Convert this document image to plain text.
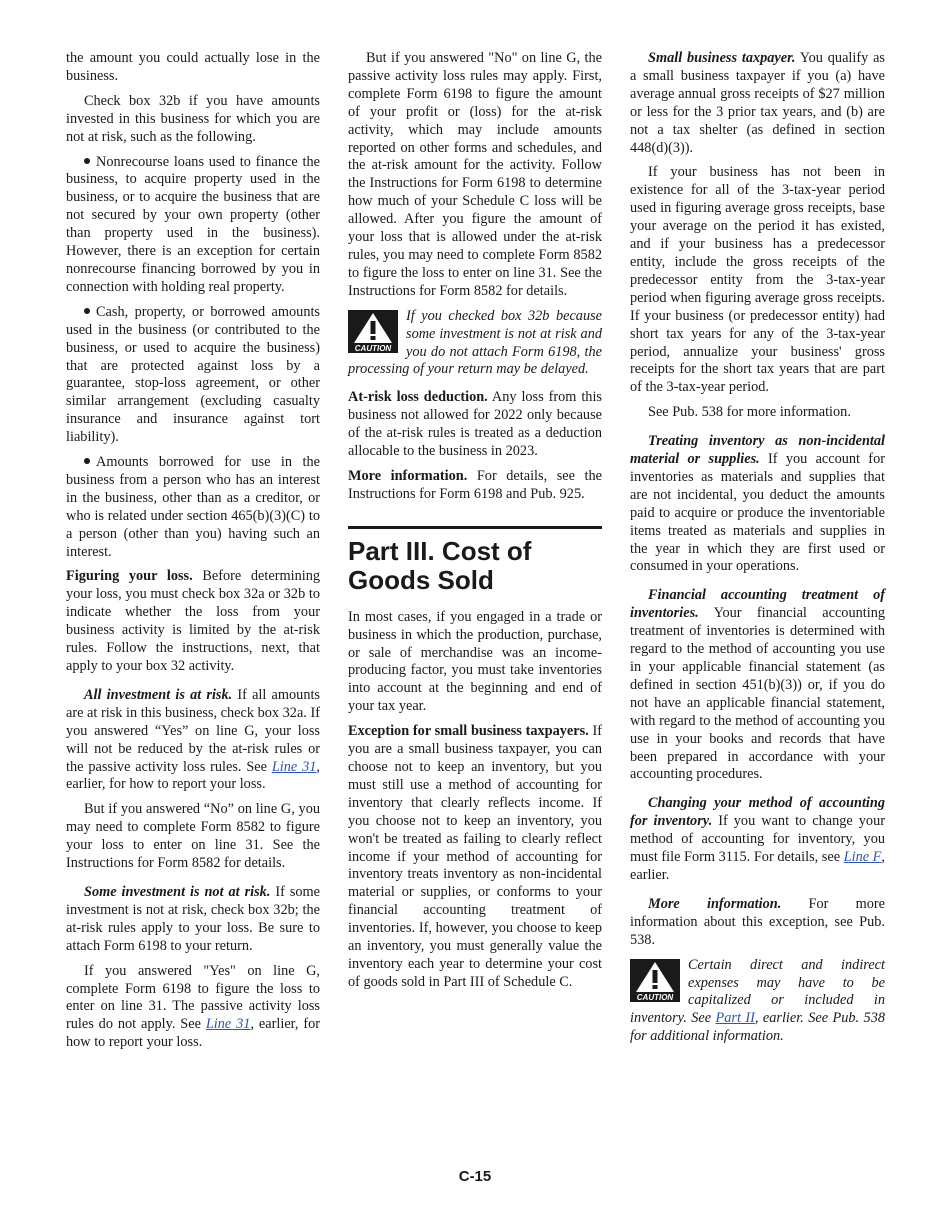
the amount you could actually lose in the business.

Check box 32b if you have amounts invested in this business for which you are not at risk, such as the following.

Nonrecourse loans used to finance the business, to acquire property used in the business, or to acquire the business that are not secured by your own property (other than property used in the business). However, there is an exception for certain nonrecourse financing borrowed by you in connection with holding real property.

Cash, property, or borrowed amounts used in the business (or contributed to the business, or used to acquire the business) that are protected against loss by a guarantee, stop-loss agreement, or other similar arrangement (excluding casualty insurance and insurance against tort liability).

Amounts borrowed for use in the business from a person who has an interest in the business, other than as a creditor, or who is related under section 465(b)(3)(C) to a person (other than you) having such an interest.

Figuring your loss. Before determining your loss, you must check box 32a or 32b to indicate whether the loss from your business activity is limited by the at-risk rules. Follow the instructions, next, that apply to your box 32 activity.

All investment is at risk. If all amounts are at risk in this business, check box 32a. If you answered “Yes” on line G, your loss will not be reduced by the at-risk rules or the passive activity loss rules. See Line 31, earlier, for how to report your loss.

But if you answered “No” on line G, you may need to complete Form 8582 to figure your loss to enter on line 31. See the Instructions for Form 8582 for details.

Some investment is not at risk. If some investment is not at risk, check box 32b; the at-risk rules apply to your loss. Be sure to attach Form 6198 to your return.

If you answered "Yes" on line G, complete Form 6198 to figure the loss to enter on line 31. The passive activity loss rules do not apply. See Line 31, earlier, for how to report your loss.

But if you answered "No" on line G, the passive activity loss rules may apply. First, complete Form 6198 to figure the amount of your profit or (loss) for the at-risk activity, which may include amounts reported on other forms and schedules, and the at-risk amount for the activity. Follow the Instructions for Form 6198 to determine how much of your Schedule C loss will be allowed. After you figure the amount of your loss that is allowed under the at-risk rules, you may need to complete Form 8582 to figure the loss to enter on line 31. See the Instructions for Form 8582 for details.

CAUTION
If you checked box 32b because some investment is not at risk and you do not attach Form 6198, the processing of your return may be delayed.

At-risk loss deduction. Any loss from this business not allowed for 2022 only because of the at-risk rules is treated as a deduction allocable to the business in 2023.

More information. For details, see the Instructions for Form 6198 and Pub. 925.

Part III. Cost of Goods Sold

In most cases, if you engaged in a trade or business in which the production, purchase, or sale of merchandise was an income-producing factor, you must take inventories into account at the beginning and end of your tax year.

Exception for small business taxpayers. If you are a small business taxpayer, you can choose not to keep an inventory, but you must still use a method of accounting for inventory that clearly reflects income. If you choose not to keep an inventory, you won't be treated as failing to clearly reflect income if your method of accounting for inventory treats inventory as non-incidental material or supplies, or conforms to your financial accounting treatment of inventories. If, however, you choose to keep an inventory, you must generally value the inventory each year to determine your cost of goods sold in Part III of Schedule C.

Small business taxpayer. You qualify as a small business taxpayer if you (a) have average annual gross receipts of $27 million or less for the 3 prior tax years, and (b) are not a tax shelter (as defined in section 448(d)(3)).

If your business has not been in existence for all of the 3-tax-year period used in figuring average gross receipts, base your average on the period it has existed, and if your business has a predecessor entity, include the gross receipts of the predecessor entity from the 3-tax-year period when figuring average gross receipts. If your business (or predecessor entity) had short tax years for any of the 3-tax-year period, annualize your business' gross receipts for the short tax years that are part of the 3-tax-year period.

See Pub. 538 for more information.

Treating inventory as non-incidental material or supplies. If you account for inventories as materials and supplies that are not incidental, you deduct the amounts paid to acquire or produce the inventoriable items treated as materials and supplies in the year in which they are first used or consumed in your operations.

Financial accounting treatment of inventories. Your financial accounting treatment of inventories is determined with regard to the method of accounting you use in your applicable financial statement (as defined in section 451(b)(3)) or, if you do not have an applicable financial statement, with regard to the method of accounting you use in your books and records that have been prepared in accordance with your accounting procedures.

Changing your method of accounting for inventory. If you want to change your method of accounting for inventory, you must file Form 3115. For details, see Line F, earlier.

More information. For more information about this exception, see Pub. 538.

CAUTION
Certain direct and indirect expenses may have to be capitalized or included in inventory. See Part II, earlier. See Pub. 538 for additional information.
C-15
